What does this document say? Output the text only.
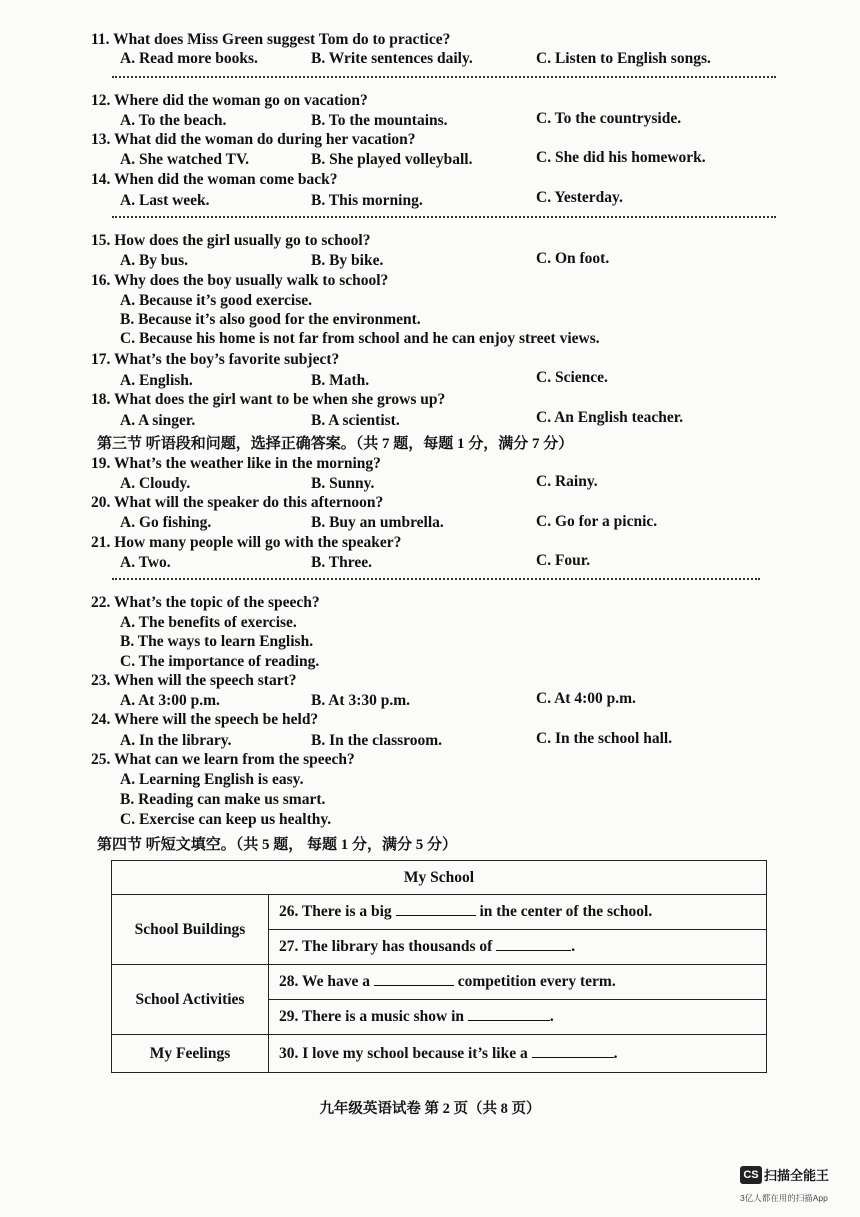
11. What does Miss Green suggest Tom do to practice?
A. Read more books.	B. Write sentences daily.	C. Listen to English songs.
12. Where did the woman go on vacation?
A. To the beach.	B. To the mountains.	C. To the countryside.
13. What did the woman do during her vacation?
A. She watched TV.	B. She played volleyball.	C. She did his homework.
14. When did the woman come back?
A. Last week.	B. This morning.	C. Yesterday.
15. How does the girl usually go to school?
A. By bus.	B. By bike.	C. On foot.
16. Why does the boy usually walk to school?
A. Because it’s good exercise.
B. Because it’s also good for the environment.
C. Because his home is not far from school and he can enjoy street views.
17. What’s the boy’s favorite subject?
A. English.	B. Math.	C. Science.
18. What does the girl want to be when she grows up?
A. A singer.	B. A scientist.	C. An English teacher.
第三节 听语段和问题，选择正确答案。（共 7 题，每题 1 分，满分 7 分）
19. What’s the weather like in the morning?
A. Cloudy.	B. Sunny.	C. Rainy.
20. What will the speaker do this afternoon?
A. Go fishing.	B. Buy an umbrella.	C. Go for a picnic.
21. How many people will go with the speaker?
A. Two.	B. Three.	C. Four.
22. What’s the topic of the speech?
A. The benefits of exercise.
B. The ways to learn English.
C. The importance of reading.
23. When will the speech start?
A. At 3:00 p.m.	B. At 3:30 p.m.	C. At 4:00 p.m.
24. Where will the speech be held?
A. In the library.	B. In the classroom.	C. In the school hall.
25. What can we learn from the speech?
A. Learning English is easy.
B. Reading can make us smart.
C. Exercise can keep us healthy.
第四节 听短文填空。（共 5 题， 每题 1 分，满分 5 分）
My School	
School Buildings	26. There is a big in the center of the school.
	27. The library has thousands of .
School Activities	28. We have a competition every term.
	29. There is a music show in .
My Feelings	30. I love my school because it’s like a .
九年级英语试卷 第 2 页（共 8 页）
CS 扫描全能王
3亿人都在用的扫描App
